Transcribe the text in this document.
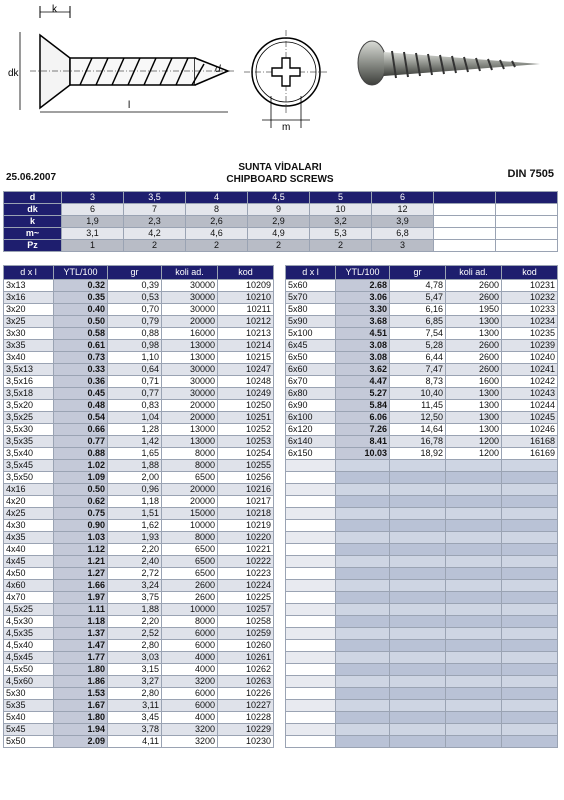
k
dk	d
l
m
25.06.2007
SUNTA VİDALARI
CHIPBOARD SCREWS	DIN 7505
d	3	3,5	4	4,5	5	6		
dk	6	7	8	9	10	12		
k	1,9	2,3	2,6	2,9	3,2	3,9		
m~	3,1	4,2	4,6	4,9	5,3	6,8		
Pz	1	2	2	2	2	3		
d x l	YTL/100	gr	koli ad.	kod
3x13	0.32	0,39	30000	10209
3x16	0.35	0,53	30000	10210
3x20	0.40	0,70	30000	10211
3x25	0.50	0,79	20000	10212
3x30	0.58	0,88	16000	10213
3x35	0.61	0,98	13000	10214
3x40	0.73	1,10	13000	10215
3,5x13	0.33	0,64	30000	10247
3,5x16	0.36	0,71	30000	10248
3,5x18	0.45	0,77	30000	10249
3,5x20	0.48	0,83	20000	10250
3,5x25	0.54	1,04	20000	10251
3,5x30	0.66	1,28	13000	10252
3,5x35	0.77	1,42	13000	10253
3,5x40	0.88	1,65	8000	10254
3,5x45	1.02	1,88	8000	10255
3,5x50	1.09	2,00	6500	10256
4x16	0.50	0,96	20000	10216
4x20	0.62	1,18	20000	10217
4x25	0.75	1,51	15000	10218
4x30	0.90	1,62	10000	10219
4x35	1.03	1,93	8000	10220
4x40	1.12	2,20	6500	10221
4x45	1.21	2,40	6500	10222
4x50	1.27	2,72	6500	10223
4x60	1.66	3,24	2600	10224
4x70	1.97	3,75	2600	10225
4,5x25	1.11	1,88	10000	10257
4,5x30	1.18	2,20	8000	10258
4,5x35	1.37	2,52	6000	10259
4,5x40	1.47	2,80	6000	10260
4,5x45	1.77	3,03	4000	10261
4,5x50	1.80	3,15	4000	10262
4,5x60	1.86	3,27	3200	10263
5x30	1.53	2,80	6000	10226
5x35	1.67	3,11	6000	10227
5x40	1.80	3,45	4000	10228
5x45	1.94	3,78	3200	10229
5x50	2.09	4,11	3200	10230
d x l	YTL/100	gr	koli ad.	kod
5x60	2.68	4,78	2600	10231
5x70	3.06	5,47	2600	10232
5x80	3.30	6,16	1950	10233
5x90	3.68	6,85	1300	10234
5x100	4.51	7,54	1300	10235
6x45	3.08	5,28	2600	10239
6x50	3.08	6,44	2600	10240
6x60	3.62	7,47	2600	10241
6x70	4.47	8,73	1600	10242
6x80	5.27	10,40	1300	10243
6x90	5.84	11,45	1300	10244
6x100	6.06	12,50	1300	10245
6x120	7.26	14,64	1300	10246
6x140	8.41	16,78	1200	16168
6x150	10.03	18,92	1200	16169
